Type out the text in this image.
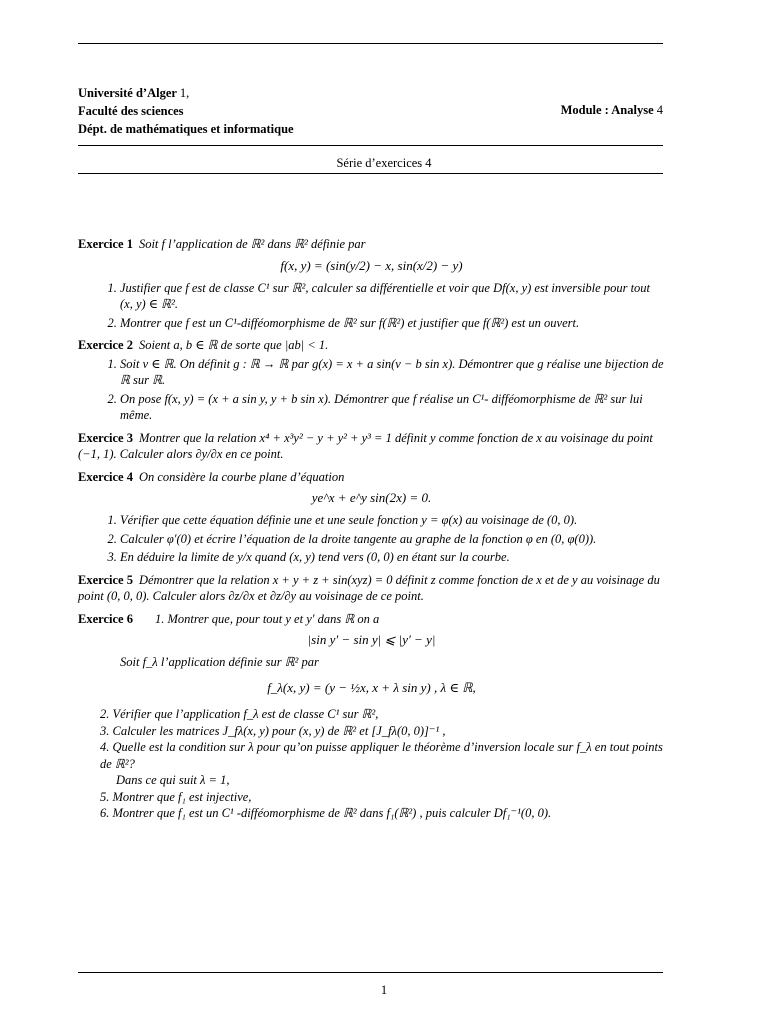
Université d’Alger 1,
Faculté des sciences
Dépt. de mathématiques et informatique
Module : Analyse 4
Série d’exercices 4
Exercice 1 Soit f l’application de ℝ² dans ℝ² définie par
f(x, y) = (sin(y/2) − x, sin(x/2) − y)
1. Justifier que f est de classe C¹ sur ℝ², calculer sa différentielle et voir que Df(x, y) est inversible pour tout (x, y) ∈ ℝ².
2. Montrer que f est un C¹-difféomorphisme de ℝ² sur f(ℝ²) et justifier que f(ℝ²) est un ouvert.
Exercice 2 Soient a, b ∈ ℝ de sorte que |ab| < 1.
1. Soit v ∈ ℝ. On définit g : ℝ → ℝ par g(x) = x + a sin(v − b sin x). Démontrer que g réalise une bijection de ℝ sur ℝ.
2. On pose f(x, y) = (x + a sin y, y + b sin x). Démontrer que f réalise un C¹- difféomorphisme de ℝ² sur lui même.
Exercice 3 Montrer que la relation x⁴ + x³y² − y + y² + y³ = 1 définit y comme fonction de x au voisinage du point (−1, 1). Calculer alors ∂y/∂x en ce point.
Exercice 4 On considère la courbe plane d’équation
ye^x + e^y sin(2x) = 0.
1. Vérifier que cette équation définie une et une seule fonction y = φ(x) au voisinage de (0, 0).
2. Calculer φ′(0) et écrire l’équation de la droite tangente au graphe de la fonction φ en (0, φ(0)).
3. En déduire la limite de y/x quand (x, y) tend vers (0, 0) en étant sur la courbe.
Exercice 5 Démontrer que la relation x + y + z + sin(xyz) = 0 définit z comme fonction de x et de y au voisinage du point (0, 0, 0). Calculer alors ∂z/∂x et ∂z/∂y au voisinage de ce point.
Exercice 6 1. Montrer que, pour tout y et y′ dans ℝ on a
|sin y′ − sin y| ⩽ |y′ − y|
Soit f_λ l’application définie sur ℝ² par
f_λ(x, y) = (y − ½x, x + λ sin y) , λ ∈ ℝ,
2. Vérifier que l’application f_λ est de classe C¹ sur ℝ²,
3. Calculer les matrices J_fλ(x, y) pour (x, y) de ℝ² et [J_fλ(0, 0)]⁻¹ ,
4. Quelle est la condition sur λ pour qu’on puisse appliquer le théorème d’inversion locale sur f_λ en tout points de ℝ²?
Dans ce qui suit λ = 1,
5. Montrer que f₁ est injective,
6. Montrer que f₁ est un C¹ -difféomorphisme de ℝ² dans f₁(ℝ²) , puis calculer Df₁⁻¹(0, 0).
1
